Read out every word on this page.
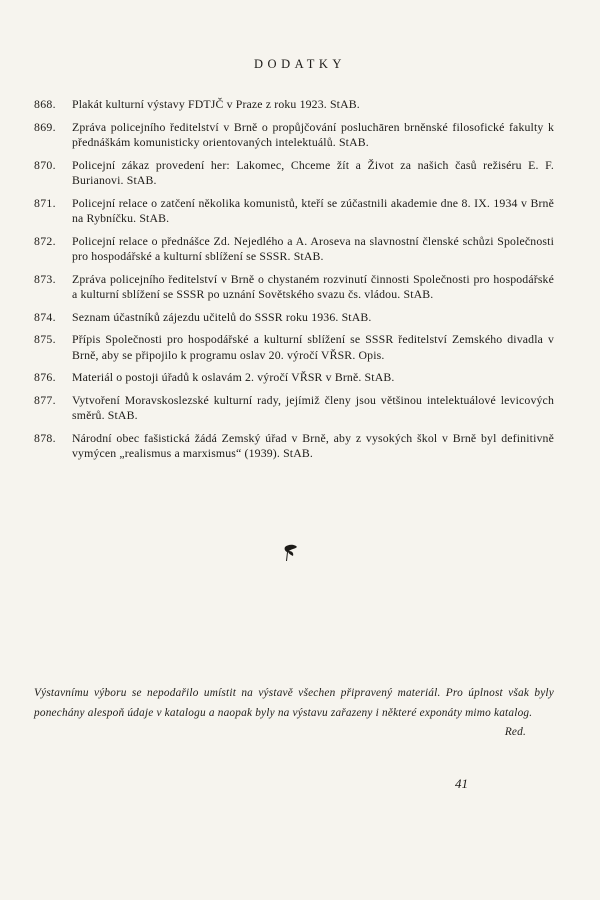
DODATKY
868.	Plakát kulturní výstavy FDTJČ v Praze z roku 1923. StAB.
869.	Zpráva policejního ředitelství v Brně o propůjčování posluchāren brněnské filosofické fakulty k přednáškám komunisticky orientovaných intelektuálů. StAB.
870.	Policejní zákaz provedení her: Lakomec, Chceme žít a Život za našich časů režiséru E. F. Burianovi. StAB.
871.	Policejní relace o zatčení několika komunistů, kteří se zúčastnili akademie dne 8. IX. 1934 v Brně na Rybníčku. StAB.
872.	Policejní relace o přednášce Zd. Nejedlého a A. Aroseva na slavnostní členské schůzi Společnosti pro hospodářské a kulturní sblížení se SSSR. StAB.
873.	Zpráva policejního ředitelství v Brně o chystaném rozvinutí činnosti Společnosti pro hospodářské a kulturní sblížení se SSSR po uznání Sovětského svazu čs. vládou. StAB.
874.	Seznam účastníků zájezdu učitelů do SSSR roku 1936. StAB.
875.	Přípis Společnosti pro hospodářské a kulturní sblížení se SSSR ředitelství Zemského divadla v Brně, aby se připojilo k programu oslav 20. výročí VŘSR. Opis.
876.	Materiál o postoji úřadů k oslavám 2. výročí VŘSR v Brně. StAB.
877.	Vytvoření Moravskoslezské kulturní rady, jejímiž členy jsou většinou intelektuálové levicových směrů. StAB.
878.	Národní obec fašistická žádá Zemský úřad v Brně, aby z vysokých škol v Brně byl definitivně vymýcen „realismus a marxismus“ (1939). StAB.

Výstavnímu výboru se nepodařilo umístit na výstavě všechen připravený materiál. Pro úplnost však byly ponechány alespoň údaje v katalogu a naopak byly na výstavu zařazeny i některé exponáty mimo katalog.

Red.
41
